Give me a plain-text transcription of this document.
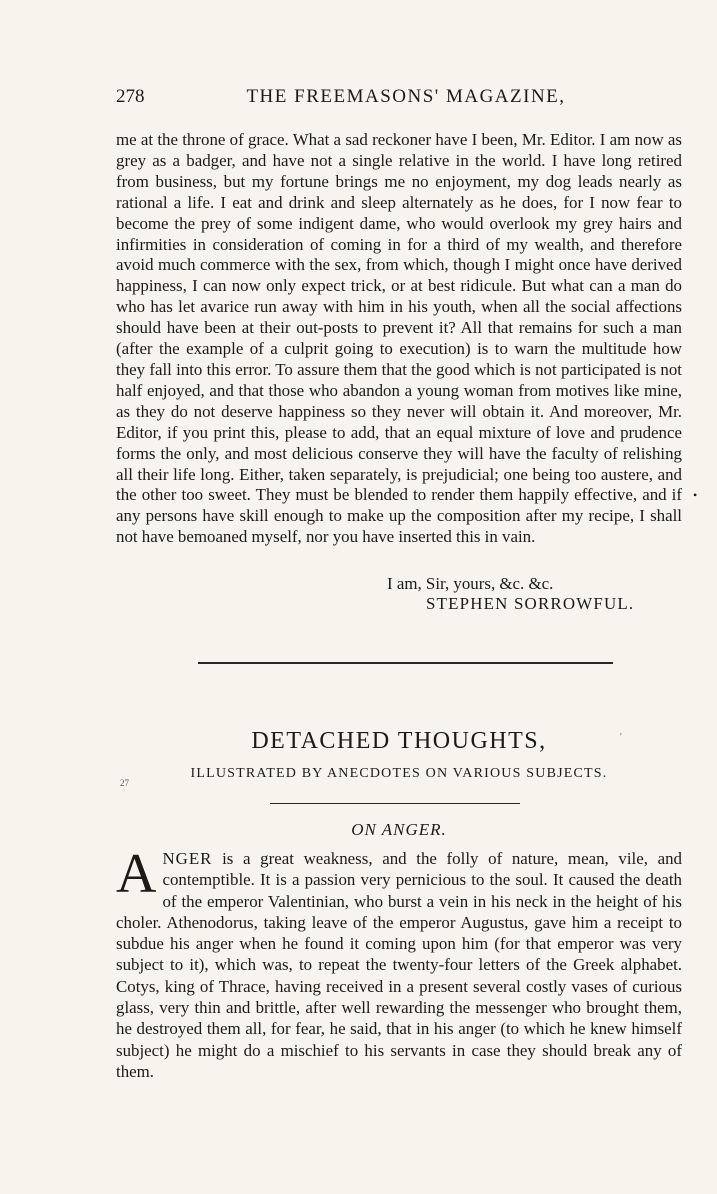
278	THE FREEMASONS' MAGAZINE,

me at the throne of grace. What a sad reckoner have I been, Mr. Editor. I am now as grey as a badger, and have not a single relative in the world. I have long retired from business, but my fortune brings me no enjoyment, my dog leads nearly as rational a life. I eat and drink and sleep alternately as he does, for I now fear to become the prey of some indigent dame, who would overlook my grey hairs and infirmities in consideration of coming in for a third of my wealth, and therefore avoid much commerce with the sex, from which, though I might once have derived happiness, I can now only expect trick, or at best ridicule. But what can a man do who has let avarice run away with him in his youth, when all the social affections should have been at their out-posts to prevent it? All that remains for such a man (after the example of a culprit going to execution) is to warn the multitude how they fall into this error. To assure them that the good which is not participated is not half enjoyed, and that those who abandon a young woman from motives like mine, as they do not deserve happiness so they never will obtain it. And moreover, Mr. Editor, if you print this, please to add, that an equal mixture of love and prudence forms the only, and most delicious conserve they will have the faculty of relishing all their life long. Either, taken separately, is prejudicial; one being too austere, and the other too sweet. They must be blended to render them happily effective, and if any persons have skill enough to make up the composition after my recipe, I shall not have bemoaned myself, nor you have inserted this in vain.

I am, Sir, yours, &c. &c.
STEPHEN SORROWFUL.
DETACHED THOUGHTS,
ILLUSTRATED BY ANECDOTES ON VARIOUS SUBJECTS.
ON ANGER.
ANGER is a great weakness, and the folly of nature, mean, vile, and contemptible. It is a passion very pernicious to the soul. It caused the death of the emperor Valentinian, who burst a vein in his neck in the height of his choler. Athenodorus, taking leave of the emperor Augustus, gave him a receipt to subdue his anger when he found it coming upon him (for that emperor was very subject to it), which was, to repeat the twenty-four letters of the Greek alphabet. Cotys, king of Thrace, having received in a present several costly vases of curious glass, very thin and brittle, after well rewarding the messenger who brought them, he destroyed them all, for fear, he said, that in his anger (to which he knew himself subject) he might do a mischief to his servants in case they should break any of them.
•
27
'
